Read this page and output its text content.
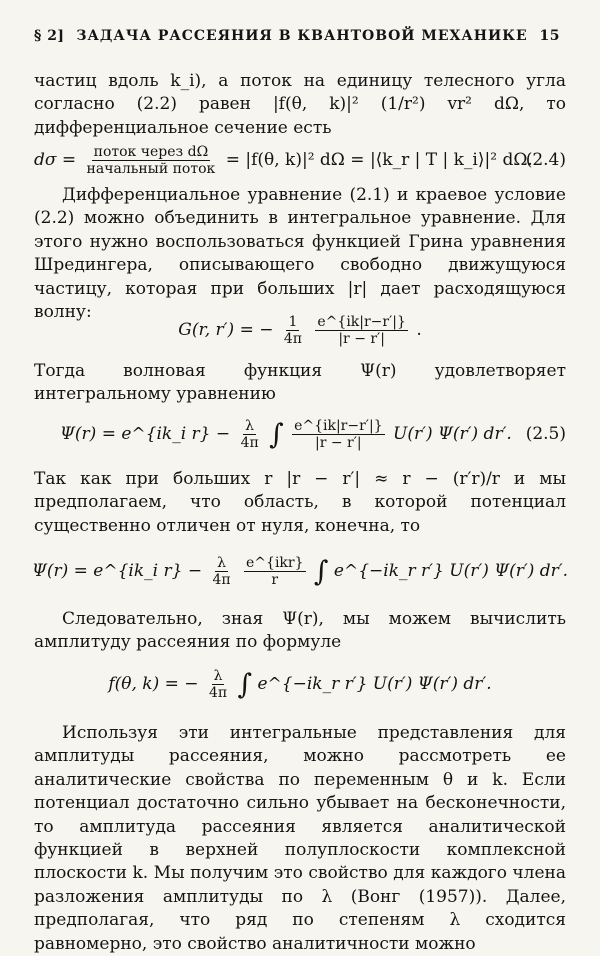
§ 2] ЗАДАЧА РАССЕЯНИЯ В КВАНТОВОЙ МЕХАНИКЕ 15

частиц вдоль k_i), а поток на единицу телесного угла согласно (2.2) равен |f(θ, k)|² (1/r²) vr² dΩ, то дифференциальное сечение есть

$d\sigma = \frac{\text{поток через dΩ}}{\text{начальный поток}} = |f(\theta$, k)|² dΩ = |⟨k_r | T | k_i⟩|² dΩ.
(2.4)

Дифференциальное уравнение (2.1) и краевое условие (2.2) можно объединить в интегральное уравнение. Для этого нужно воспользоваться функцией Грина уравнения Шредингера, описывающего свободно движущуюся частицу, которая при больших |r| дает расходящуюся волну:

G(r, r′) = − $\frac{1}{4\pi}$
$\frac{e\^{}\{ik|r-r'|\}}{|r - r'|}$ .

Тогда волновая функция Ψ(r) удовлетворяет интегральному уравнению

Ψ(r) = e^{ik_i $r\} - \frac{\lambda}{4\pi}$ ∫ $\frac{e\^{}\{ik|r-r'|\}}{|r - r'|} U(r')$ Ψ(r′) dr′. (2.5)

Так как при больших r |r − r′| ≈ r − (r′r)/r и мы предполагаем, что область, в которой потенциал существенно отличен от нуля, конечна, то

Ψ(r) = e^{ik_i $r\} - \frac{\lambda}{4\pi}$
$\frac{\text{e\textasciicircum{}\{ikr\}}}{r}$ ∫ e^{−ik_r r′} U(r′) Ψ(r′) dr′.

Следовательно, зная Ψ(r), мы можем вычислить амплитуду рассеяния по формуле

f(θ, k) = − $\frac{\lambda}{4\pi}$ ∫ e^{−ik_r r′} U(r′) Ψ(r′) dr′.

Используя эти интегральные представления для амплитуды рассеяния, можно рассмотреть ее аналитические свойства по переменным θ и k. Если потенциал достаточно сильно убывает на бесконечности, то амплитуда рассеяния является аналитической функцией в верхней полуплоскости комплексной плоскости k. Мы получим это свойство для каждого члена разложения амплитуды по λ (Вонг (1957)). Далее, предполагая, что ряд по степеням λ сходится равномерно, это свойство аналитичности можно
